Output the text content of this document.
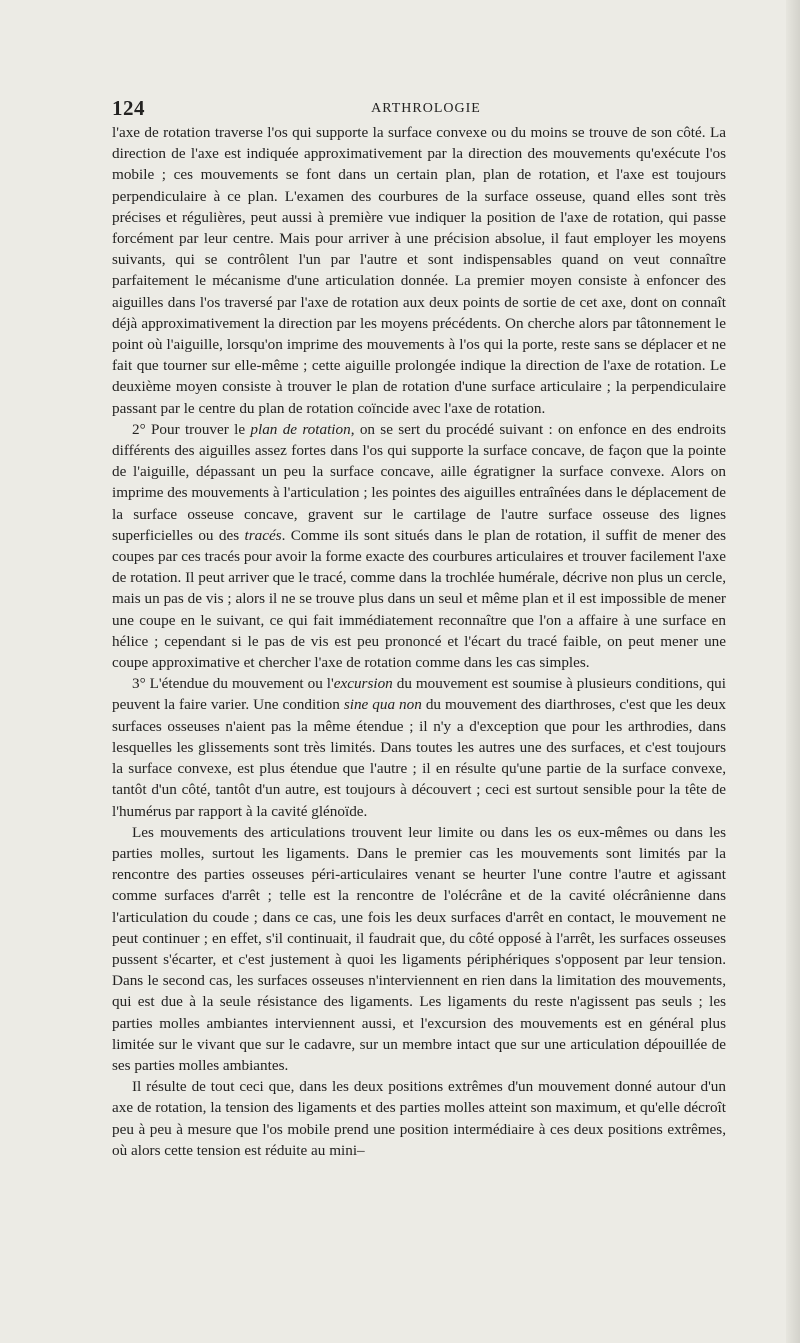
124	ARTHROLOGIE

l'axe de rotation traverse l'os qui supporte la surface convexe ou du moins se trouve de son côté. La direction de l'axe est indiquée approximativement par la direction des mouvements qu'exécute l'os mobile ; ces mouvements se font dans un certain plan, plan de rotation, et l'axe est toujours perpendiculaire à ce plan. L'examen des courbures de la surface osseuse, quand elles sont très précises et régulières, peut aussi à première vue indiquer la position de l'axe de rotation, qui passe forcément par leur centre. Mais pour arriver à une précision absolue, il faut employer les moyens suivants, qui se contrôlent l'un par l'autre et sont indispensables quand on veut connaître parfaitement le mécanisme d'une articulation donnée. La premier moyen consiste à enfoncer des aiguilles dans l'os traversé par l'axe de rotation aux deux points de sortie de cet axe, dont on connaît déjà approximativement la direction par les moyens précédents. On cherche alors par tâtonnement le point où l'aiguille, lorsqu'on imprime des mouvements à l'os qui la porte, reste sans se déplacer et ne fait que tourner sur elle-même ; cette aiguille prolongée indique la direction de l'axe de rotation. Le deuxième moyen consiste à trouver le plan de rotation d'une surface articulaire ; la perpendiculaire passant par le centre du plan de rotation coïncide avec l'axe de rotation.

2° Pour trouver le plan de rotation, on se sert du procédé suivant : on enfonce en des endroits différents des aiguilles assez fortes dans l'os qui supporte la surface concave, de façon que la pointe de l'aiguille, dépassant un peu la surface concave, aille égratigner la surface convexe. Alors on imprime des mouvements à l'articulation ; les pointes des aiguilles entraînées dans le déplacement de la surface osseuse concave, gravent sur le cartilage de l'autre surface osseuse des lignes superficielles ou des tracés. Comme ils sont situés dans le plan de rotation, il suffit de mener des coupes par ces tracés pour avoir la forme exacte des courbures articulaires et trouver facilement l'axe de rotation. Il peut arriver que le tracé, comme dans la trochlée humérale, décrive non plus un cercle, mais un pas de vis ; alors il ne se trouve plus dans un seul et même plan et il est impossible de mener une coupe en le suivant, ce qui fait immédiatement reconnaître que l'on a affaire à une surface en hélice ; cependant si le pas de vis est peu prononcé et l'écart du tracé faible, on peut mener une coupe approximative et chercher l'axe de rotation comme dans les cas simples.

3° L'étendue du mouvement ou l'excursion du mouvement est soumise à plusieurs conditions, qui peuvent la faire varier. Une condition sine qua non du mouvement des diarthroses, c'est que les deux surfaces osseuses n'aient pas la même étendue ; il n'y a d'exception que pour les arthrodies, dans lesquelles les glissements sont très limités. Dans toutes les autres une des surfaces, et c'est toujours la surface convexe, est plus étendue que l'autre ; il en résulte qu'une partie de la surface convexe, tantôt d'un côté, tantôt d'un autre, est toujours à découvert ; ceci est surtout sensible pour la tête de l'humérus par rapport à la cavité glénoïde.

Les mouvements des articulations trouvent leur limite ou dans les os eux-mêmes ou dans les parties molles, surtout les ligaments. Dans le premier cas les mouvements sont limités par la rencontre des parties osseuses péri-articulaires venant se heurter l'une contre l'autre et agissant comme surfaces d'arrêt ; telle est la rencontre de l'olécrâne et de la cavité olécrânienne dans l'articulation du coude ; dans ce cas, une fois les deux surfaces d'arrêt en contact, le mouvement ne peut continuer ; en effet, s'il continuait, il faudrait que, du côté opposé à l'arrêt, les surfaces osseuses pussent s'écarter, et c'est justement à quoi les ligaments périphériques s'opposent par leur tension. Dans le second cas, les surfaces osseuses n'interviennent en rien dans la limitation des mouvements, qui est due à la seule résistance des ligaments. Les ligaments du reste n'agissent pas seuls ; les parties molles ambiantes interviennent aussi, et l'excursion des mouvements est en général plus limitée sur le vivant que sur le cadavre, sur un membre intact que sur une articulation dépouillée de ses parties molles ambiantes.

Il résulte de tout ceci que, dans les deux positions extrêmes d'un mouvement donné autour d'un axe de rotation, la tension des ligaments et des parties molles atteint son maximum, et qu'elle décroît peu à peu à mesure que l'os mobile prend une position intermédiaire à ces deux positions extrêmes, où alors cette tension est réduite au mini–
